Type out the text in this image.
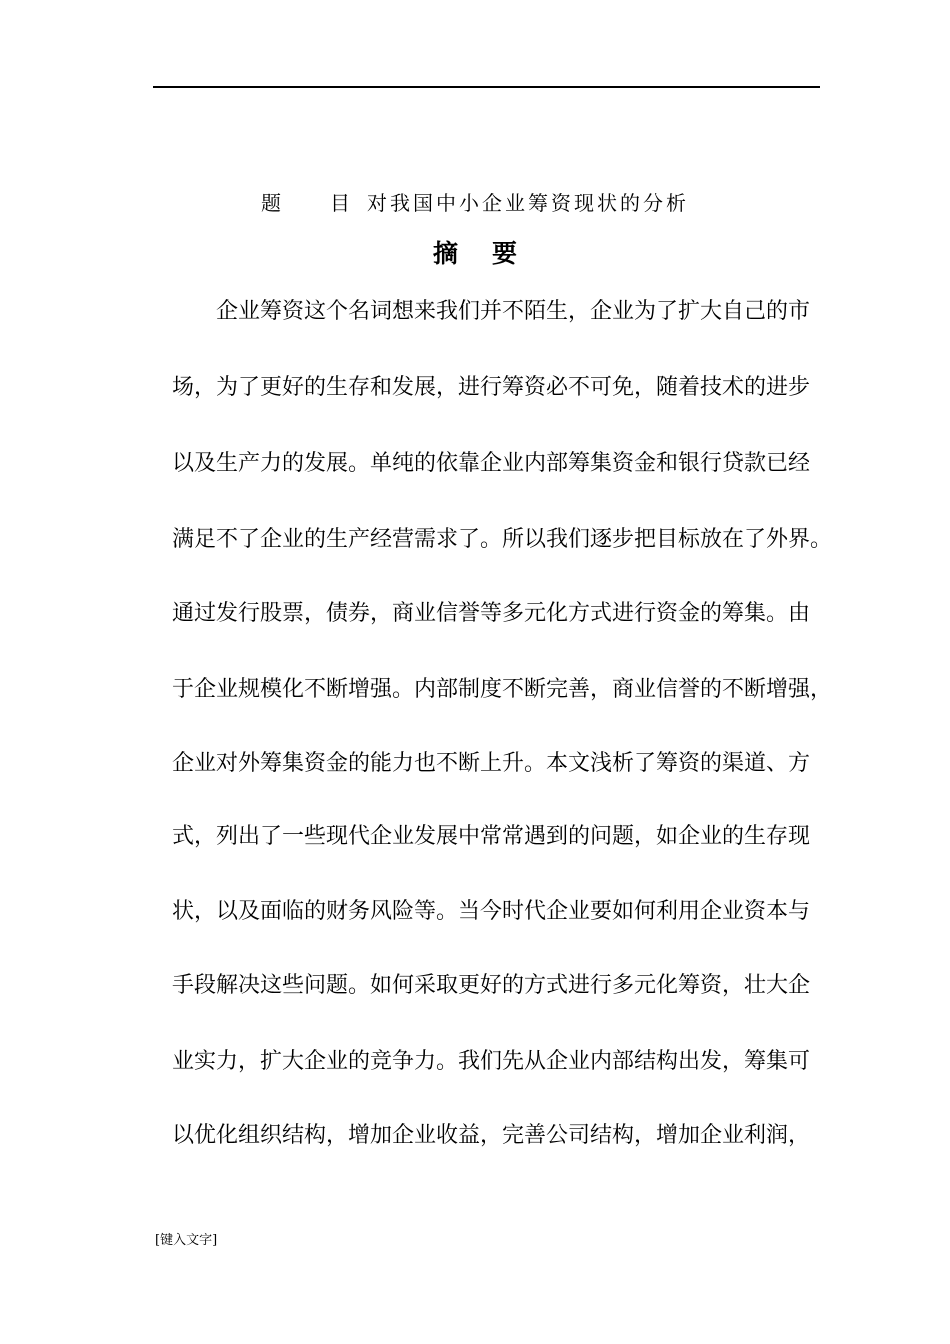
题 目 对我国中小企业筹资现状的分析
摘 要
企业筹资这个名词想来我们并不陌生，企业为了扩大自己的市
场，为了更好的生存和发展，进行筹资必不可免，随着技术的进步
以及生产力的发展。单纯的依靠企业内部筹集资金和银行贷款已经
满足不了企业的生产经营需求了。所以我们逐步把目标放在了外界。
通过发行股票，债券，商业信誉等多元化方式进行资金的筹集。由
于企业规模化不断增强。内部制度不断完善，商业信誉的不断增强，
企业对外筹集资金的能力也不断上升。本文浅析了筹资的渠道、方
式，列出了一些现代企业发展中常常遇到的问题，如企业的生存现
状，以及面临的财务风险等。当今时代企业要如何利用企业资本与
手段解决这些问题。如何采取更好的方式进行多元化筹资，壮大企
业实力，扩大企业的竞争力。我们先从企业内部结构出发，筹集可
以优化组织结构，增加企业收益，完善公司结构，增加企业利润，
[键入文字]
